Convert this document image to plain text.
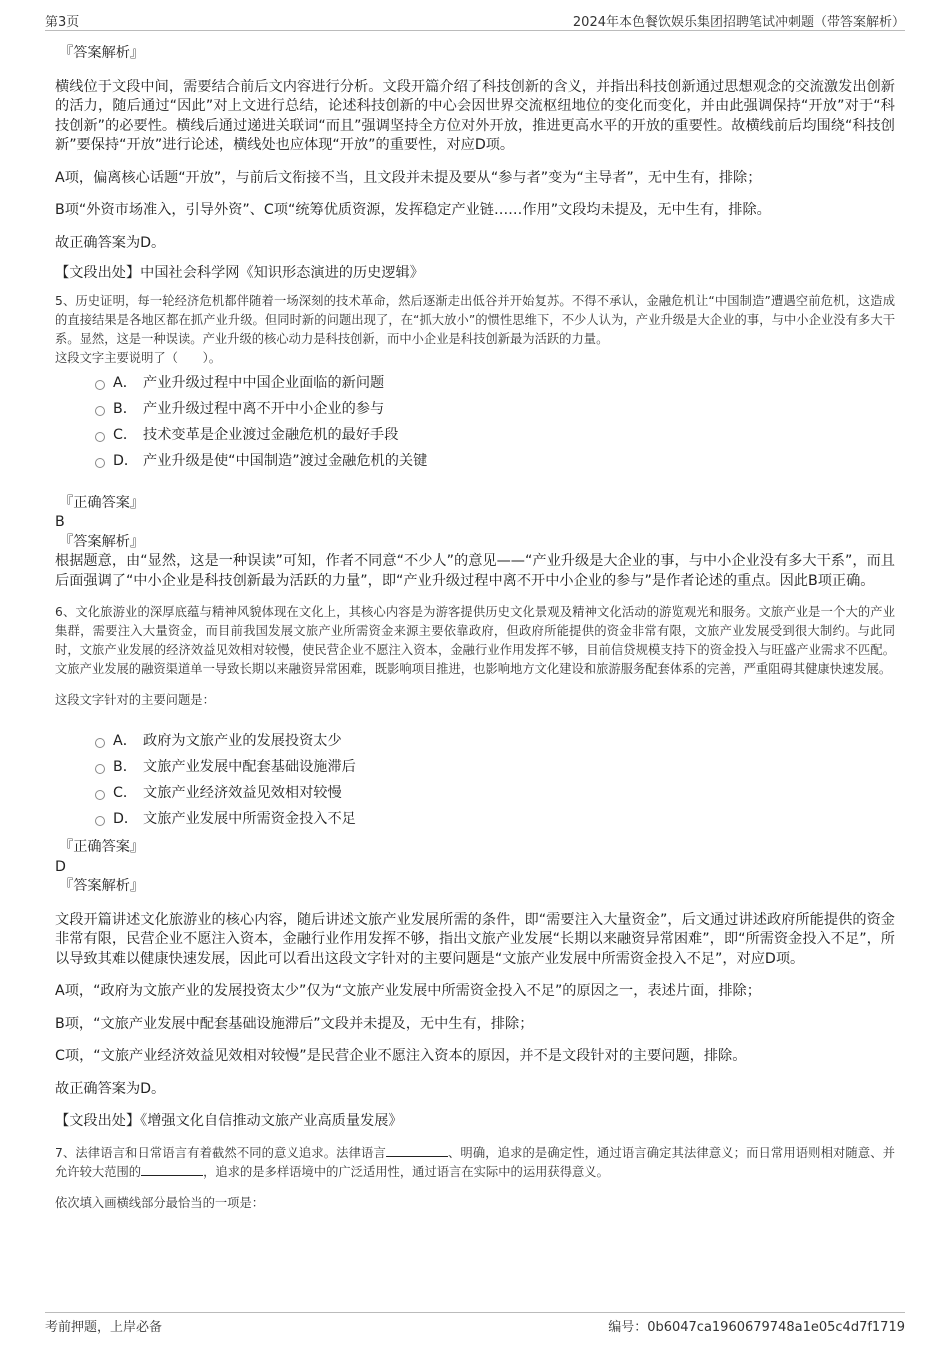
第3页	2024年本色餐饮娱乐集团招聘笔试冲刺题（带答案解析）

『答案解析』

横线位于文段中间，需要结合前后文内容进行分析。文段开篇介绍了科技创新的含义，并指出科技创新通过思想观念的交流激发出创新的活力，随后通过“因此”对上文进行总结，论述科技创新的中心会因世界交流枢纽地位的变化而变化，并由此强调保持“开放”对于“科技创新”的必要性。横线后通过递进关联词“而且”强调坚持全方位对外开放，推进更高水平的开放的重要性。故横线前后均围绕“科技创新”要保持“开放”进行论述，横线处也应体现“开放”的重要性，对应D项。

A项，偏离核心话题“开放”，与前后文衔接不当，且文段并未提及要从“参与者”变为“主导者”，无中生有，排除；

B项“外资市场准入，引导外资”、C项“统筹优质资源，发挥稳定产业链……作用”文段均未提及，无中生有，排除。

故正确答案为D。

【文段出处】中国社会科学网《知识形态演进的历史逻辑》

5、历史证明，每一轮经济危机都伴随着一场深刻的技术革命，然后逐渐走出低谷并开始复苏。不得不承认，金融危机让“中国制造”遭遇空前危机，这造成的直接结果是各地区都在抓产业升级。但同时新的问题出现了，在“抓大放小”的惯性思维下，不少人认为，产业升级是大企业的事，与中小企业没有多大干系。显然，这是一种误读。产业升级的核心动力是科技创新，而中小企业是科技创新最为活跃的力量。

这段文字主要说明了（　　）。

A． 产业升级过程中中国企业面临的新问题
B． 产业升级过程中离不开中小企业的参与
C． 技术变革是企业渡过金融危机的最好手段
D． 产业升级是使“中国制造”渡过金融危机的关键

『正确答案』

B

『答案解析』

根据题意，由“显然，这是一种误读”可知，作者不同意“不少人”的意见——“产业升级是大企业的事，与中小企业没有多大干系”，而且后面强调了“中小企业是科技创新最为活跃的力量”，即“产业升级过程中离不开中小企业的参与”是作者论述的重点。因此B项正确。

6、文化旅游业的深厚底蕴与精神风貌体现在文化上，其核心内容是为游客提供历史文化景观及精神文化活动的游览观光和服务。文旅产业是一个大的产业集群，需要注入大量资金，而目前我国发展文旅产业所需资金来源主要依靠政府，但政府所能提供的资金非常有限，文旅产业发展受到很大制约。与此同时，文旅产业发展的经济效益见效相对较慢，使民营企业不愿注入资本，金融行业作用发挥不够，目前信贷规模支持下的资金投入与旺盛产业需求不匹配。文旅产业发展的融资渠道单一导致长期以来融资异常困难，既影响项目推进，也影响地方文化建设和旅游服务配套体系的完善，严重阻碍其健康快速发展。

这段文字针对的主要问题是：

A． 政府为文旅产业的发展投资太少
B． 文旅产业发展中配套基础设施滞后
C． 文旅产业经济效益见效相对较慢
D． 文旅产业发展中所需资金投入不足

『正确答案』

D

『答案解析』

文段开篇讲述文化旅游业的核心内容，随后讲述文旅产业发展所需的条件，即“需要注入大量资金”，后文通过讲述政府所能提供的资金非常有限，民营企业不愿注入资本，金融行业作用发挥不够，指出文旅产业发展“长期以来融资异常困难”，即“所需资金投入不足”，所以导致其难以健康快速发展，因此可以看出这段文字针对的主要问题是“文旅产业发展中所需资金投入不足”，对应D项。

A项，“政府为文旅产业的发展投资太少”仅为“文旅产业发展中所需资金投入不足”的原因之一，表述片面，排除；

B项，“文旅产业发展中配套基础设施滞后”文段并未提及，无中生有，排除；

C项，“文旅产业经济效益见效相对较慢”是民营企业不愿注入资本的原因，并不是文段针对的主要问题，排除。

故正确答案为D。

【文段出处】《增强文化自信推动文旅产业高质量发展》

7、法律语言和日常语言有着截然不同的意义追求。法律语言	、明确，追求的是确定性，通过语言确定其法律意义；而日常用语则相对随意、并允许较大范围的	，追求的是多样语境中的广泛适用性，通过语言在实际中的运用获得意义。

依次填入画横线部分最恰当的一项是：

考前押题，上岸必备	编号：0b6047ca1960679748a1e05c4d7f1719
